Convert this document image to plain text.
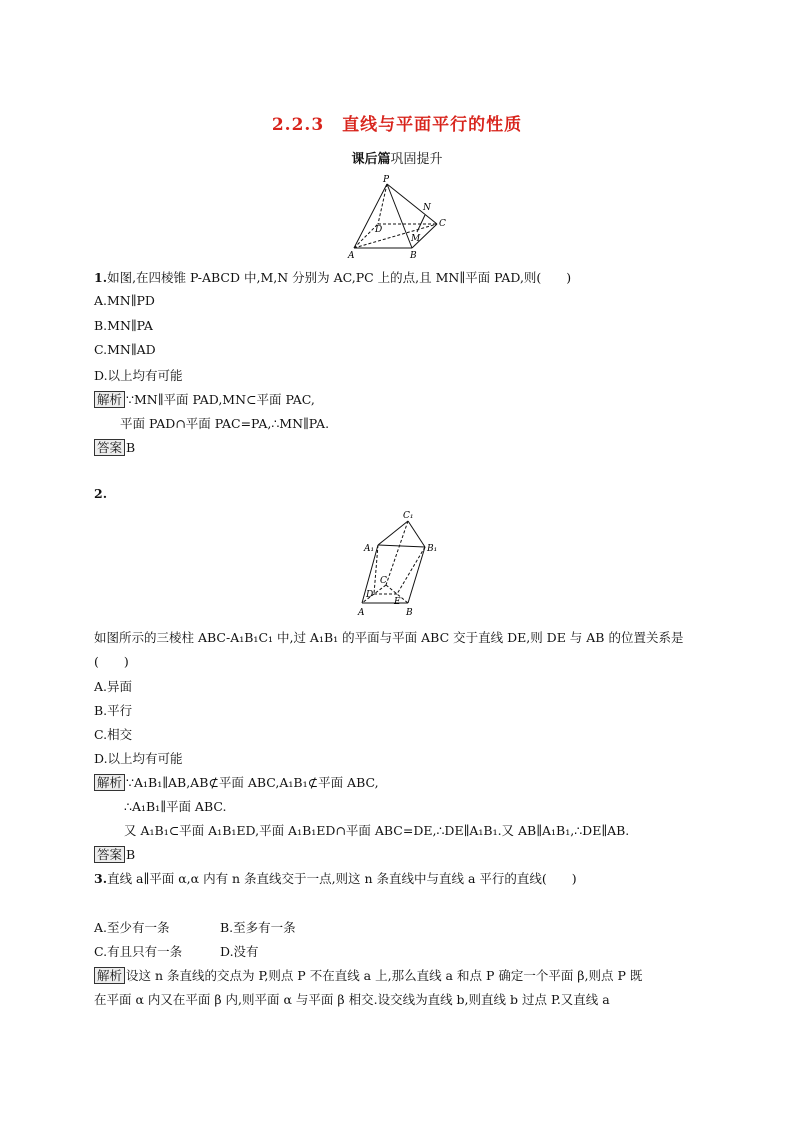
2.2.3　直线与平面平行的性质
课后篇巩固提升
P
N
C
D
M
A	B
1.如图,在四棱锥 P-ABCD 中,M,N 分别为 AC,PC 上的点,且 MN∥平面 PAD,则(　　)
A.MN∥PD
B.MN∥PA
C.MN∥AD
D.以上均有可能
解析 ∵MN∥平面 PAD,MN⊂平面 PAC,
平面 PAD∩平面 PAC=PA,∴MN∥PA.
答案 B
2.
C₁
A₁	B₁
C
D
E
A	B
如图所示的三棱柱 ABC-A₁B₁C₁ 中,过 A₁B₁ 的平面与平面 ABC 交于直线 DE,则 DE 与 AB 的位置关系是
(　　)
A.异面
B.平行
C.相交
D.以上均有可能
解析 ∵A₁B₁∥AB,AB⊄平面 ABC,A₁B₁⊄平面 ABC,
∴A₁B₁∥平面 ABC.
又 A₁B₁⊂平面 A₁B₁ED,平面 A₁B₁ED∩平面 ABC=DE,∴DE∥A₁B₁.又 AB∥A₁B₁,∴DE∥AB.
答案 B
3.直线 a∥平面 α,α 内有 n 条直线交于一点,则这 n 条直线中与直线 a 平行的直线(　　)
A.至少有一条	B.至多有一条
C.有且只有一条	D.没有
解析 设这 n 条直线的交点为 P,则点 P 不在直线 a 上,那么直线 a 和点 P 确定一个平面 β,则点 P 既
在平面 α 内又在平面 β 内,则平面 α 与平面 β 相交.设交线为直线 b,则直线 b 过点 P.又直线 a
